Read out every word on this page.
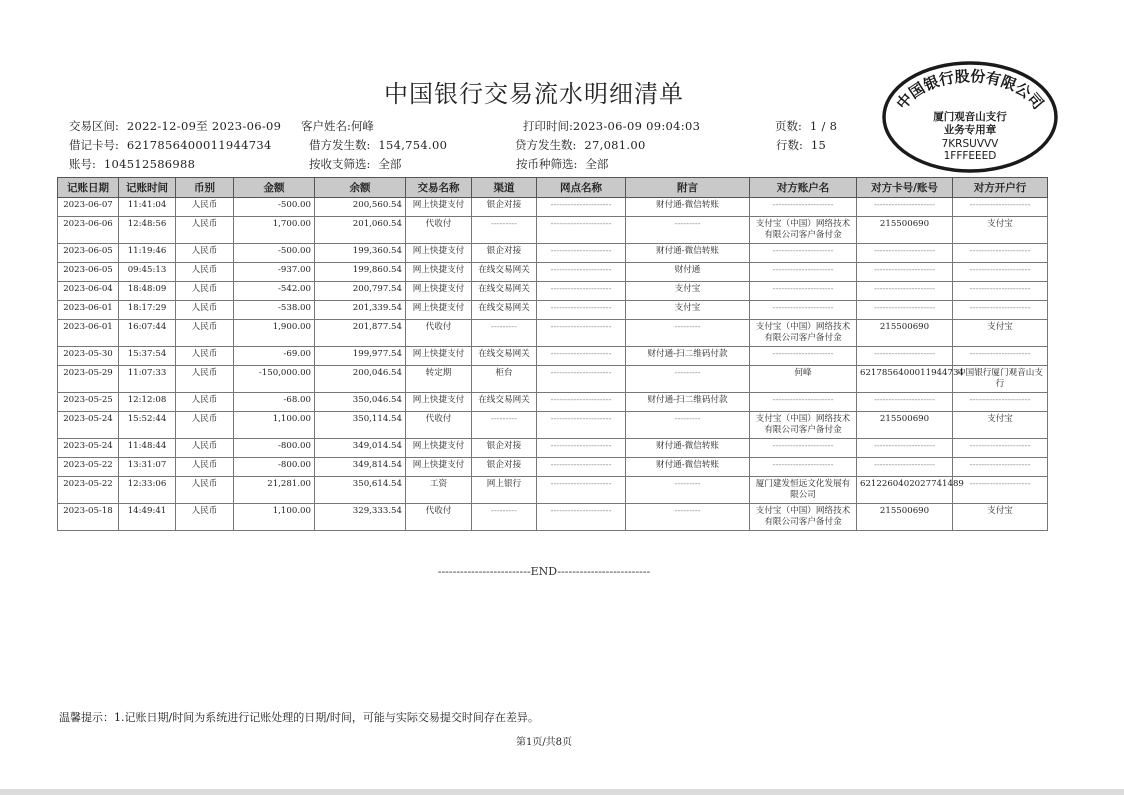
中国银行交易流水明细清单
交易区间: 2022-12-09至 2023-06-09 客户姓名:何峰	打印时间:2023-06-09 09:04:03	页数: 1 / 8
借记卡号: 6217856400011944734	借方发生数: 154,754.00	贷方发生数: 27,081.00	行数: 15
账号: 104512586988	按收支筛选: 全部	按币种筛选: 全部
中国银行股份有限公司
厦门观音山支行
业务专用章
7KRSUVVV
1FFFEEED
记账日期	记账时间	币别	金额	余额	交易名称	渠道	网点名称	附言	对方账户名	对方卡号/账号	对方开户行
2023-06-07	11:41:04	人民币	-500.00	200,560.54	网上快捷支付	银企对接	---------------------	财付通-微信转账	---------------------	---------------------	---------------------
2023-06-06	12:48:56	人民币	1,700.00	201,060.54	代收付	---------	---------------------	---------	支付宝（中国）网络技术有限公司客户备付金	215500690	支付宝
2023-06-05	11:19:46	人民币	-500.00	199,360.54	网上快捷支付	银企对接	---------------------	财付通-微信转账	---------------------	---------------------	---------------------
2023-06-05	09:45:13	人民币	-937.00	199,860.54	网上快捷支付	在线交易网关	---------------------	财付通	---------------------	---------------------	---------------------
2023-06-04	18:48:09	人民币	-542.00	200,797.54	网上快捷支付	在线交易网关	---------------------	支付宝	---------------------	---------------------	---------------------
2023-06-01	18:17:29	人民币	-538.00	201,339.54	网上快捷支付	在线交易网关	---------------------	支付宝	---------------------	---------------------	---------------------
2023-06-01	16:07:44	人民币	1,900.00	201,877.54	代收付	---------	---------------------	---------	支付宝（中国）网络技术有限公司客户备付金	215500690	支付宝
2023-05-30	15:37:54	人民币	-69.00	199,977.54	网上快捷支付	在线交易网关	---------------------	财付通-扫二维码付款	---------------------	---------------------	---------------------
2023-05-29	11:07:33	人民币	-150,000.00	200,046.54	转定期	柜台	---------------------	---------	何峰	6217856400011944734	中国银行厦门观音山支行
2023-05-25	12:12:08	人民币	-68.00	350,046.54	网上快捷支付	在线交易网关	---------------------	财付通-扫二维码付款	---------------------	---------------------	---------------------
2023-05-24	15:52:44	人民币	1,100.00	350,114.54	代收付	---------	---------------------	---------	支付宝（中国）网络技术有限公司客户备付金	215500690	支付宝
2023-05-24	11:48:44	人民币	-800.00	349,014.54	网上快捷支付	银企对接	---------------------	财付通-微信转账	---------------------	---------------------	---------------------
2023-05-22	13:31:07	人民币	-800.00	349,814.54	网上快捷支付	银企对接	---------------------	财付通-微信转账	---------------------	---------------------	---------------------
2023-05-22	12:33:06	人民币	21,281.00	350,614.54	工资	网上银行	---------------------	---------	厦门建发恒远文化发展有限公司	6212260402027741489	---------------------
2023-05-18	14:49:41	人民币	1,100.00	329,333.54	代收付	---------	---------------------	---------	支付宝（中国）网络技术有限公司客户备付金	215500690	支付宝
-------------------------END-------------------------
温馨提示：1.记账日期/时间为系统进行记账处理的日期/时间，可能与实际交易提交时间存在差异。
第1页/共8页
